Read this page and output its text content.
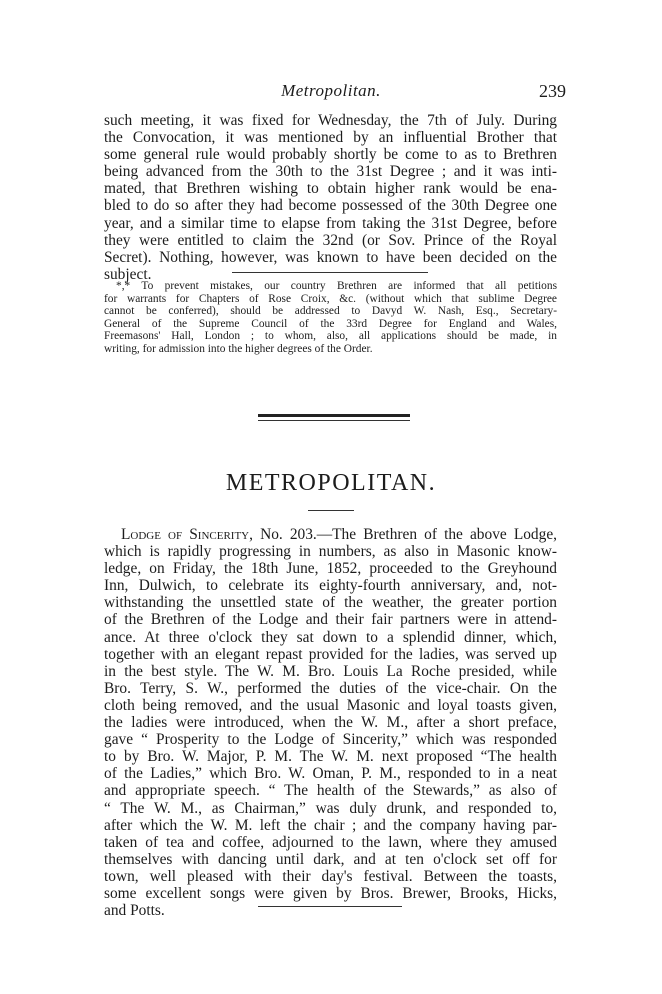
Metropolitan.	239
such meeting, it was fixed for Wednesday, the 7th of July. During
the Convocation, it was mentioned by an influential Brother that
some general rule would probably shortly be come to as to Brethren
being advanced from the 30th to the 31st Degree ; and it was inti-
mated, that Brethren wishing to obtain higher rank would be ena-
bled to do so after they had become possessed of the 30th Degree one
year, and a similar time to elapse from taking the 31st Degree, before
they were entitled to claim the 32nd (or Sov. Prince of the Royal
Secret). Nothing, however, was known to have been decided on the
subject.
*,* To prevent mistakes, our country Brethren are informed that all petitions
for warrants for Chapters of Rose Croix, &c. (without which that sublime Degree
cannot be conferred), should be addressed to Davyd W. Nash, Esq., Secretary-
General of the Supreme Council of the 33rd Degree for England and Wales,
Freemasons' Hall, London ; to whom, also, all applications should be made, in
writing, for admission into the higher degrees of the Order.
METROPOLITAN.
Lodge of Sincerity, No. 203.—The Brethren of the above Lodge,
which is rapidly progressing in numbers, as also in Masonic know-
ledge, on Friday, the 18th June, 1852, proceeded to the Greyhound
Inn, Dulwich, to celebrate its eighty-fourth anniversary, and, not-
withstanding the unsettled state of the weather, the greater portion
of the Brethren of the Lodge and their fair partners were in attend-
ance. At three o'clock they sat down to a splendid dinner, which,
together with an elegant repast provided for the ladies, was served up
in the best style. The W. M. Bro. Louis La Roche presided, while
Bro. Terry, S. W., performed the duties of the vice-chair. On the
cloth being removed, and the usual Masonic and loyal toasts given,
the ladies were introduced, when the W. M., after a short preface,
gave “ Prosperity to the Lodge of Sincerity,” which was responded
to by Bro. W. Major, P. M. The W. M. next proposed “The health
of the Ladies,” which Bro. W. Oman, P. M., responded to in a neat
and appropriate speech. “ The health of the Stewards,” as also of
“ The W. M., as Chairman,” was duly drunk, and responded to,
after which the W. M. left the chair ; and the company having par-
taken of tea and coffee, adjourned to the lawn, where they amused
themselves with dancing until dark, and at ten o'clock set off for
town, well pleased with their day's festival. Between the toasts,
some excellent songs were given by Bros. Brewer, Brooks, Hicks,
and Potts.
